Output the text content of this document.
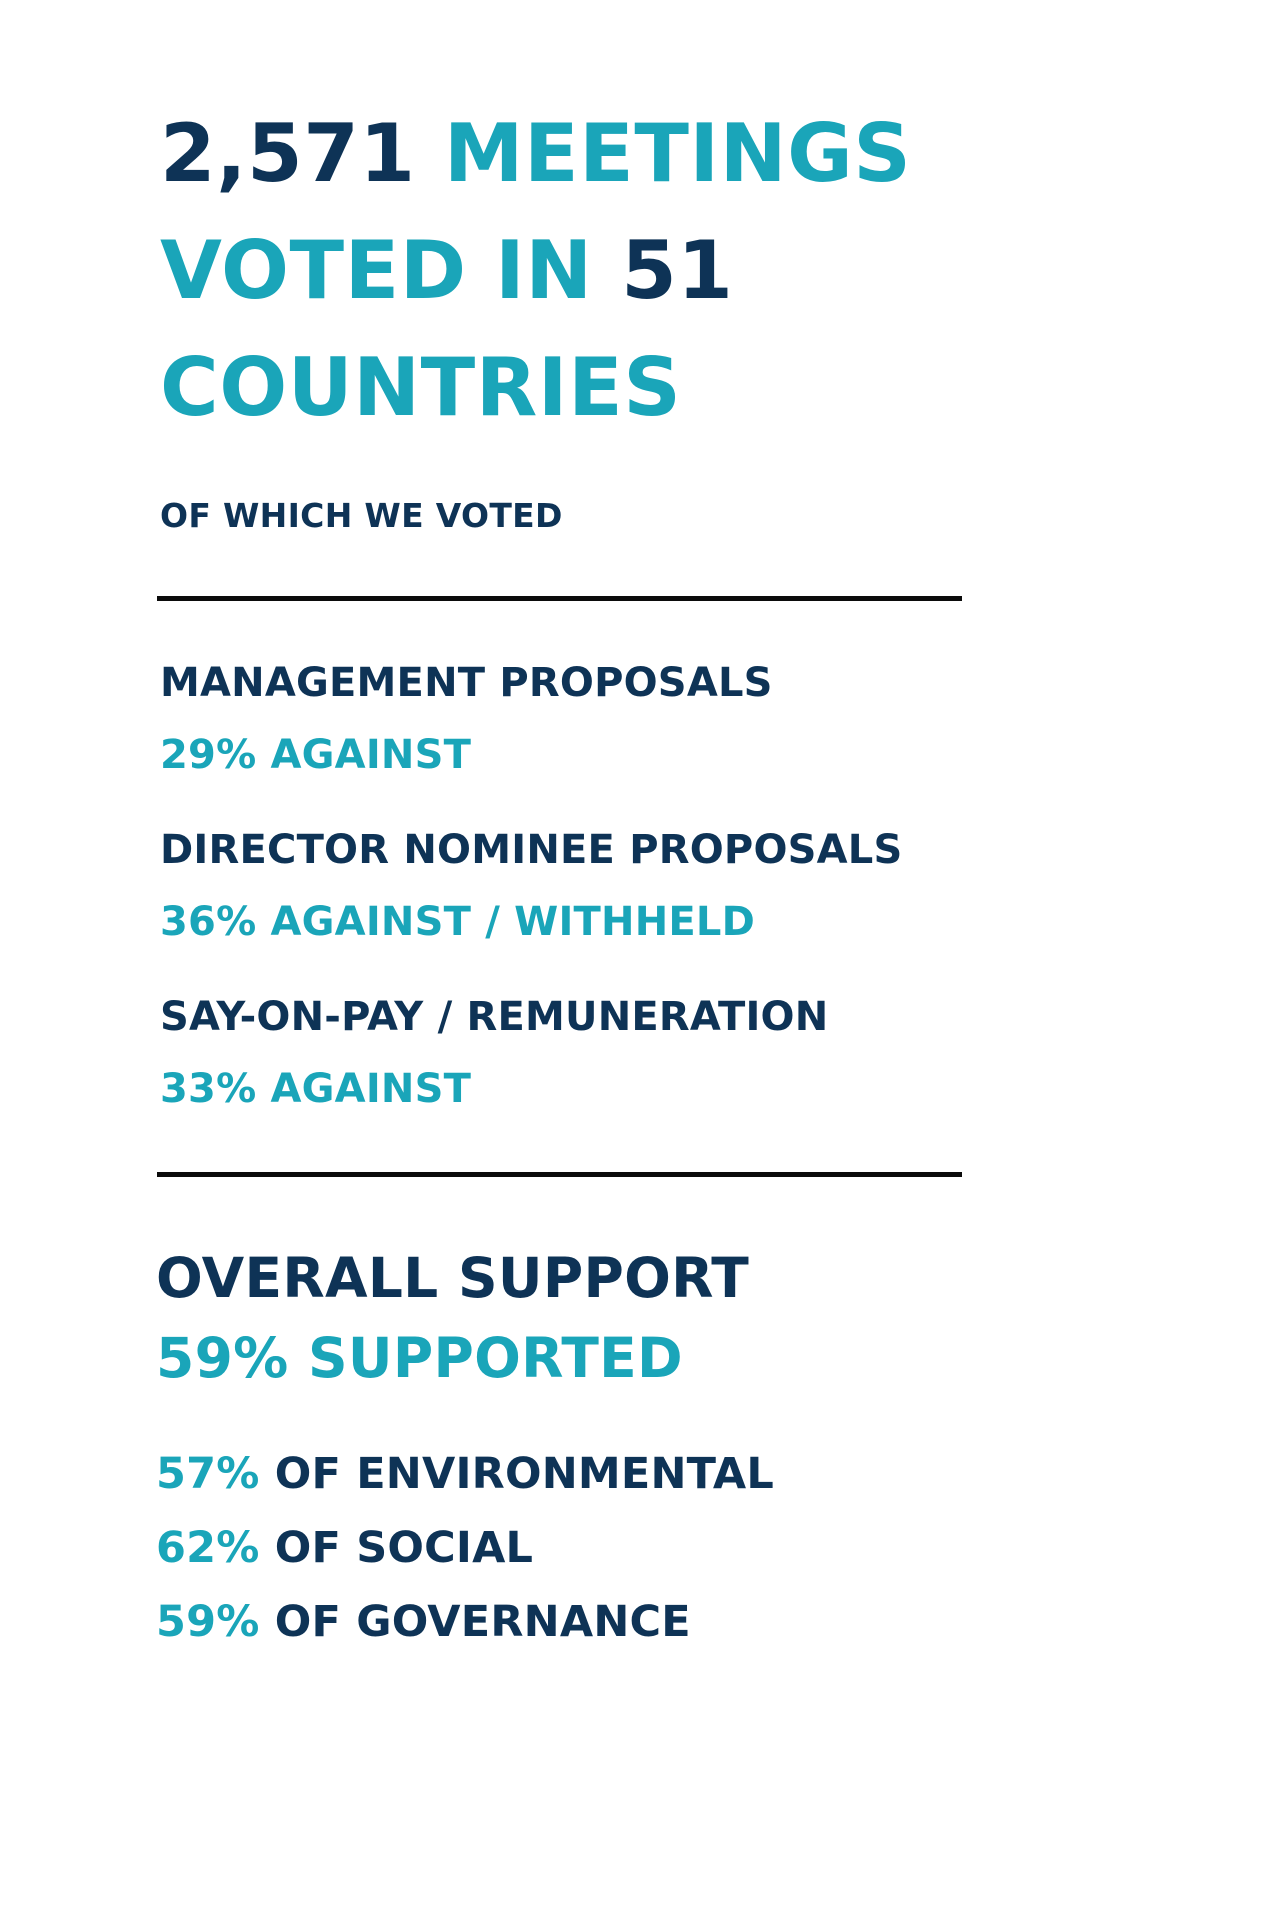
2,571 MEETINGS
VOTED IN 51
COUNTRIES
OF WHICH WE VOTED
MANAGEMENT PROPOSALS
29% AGAINST
DIRECTOR NOMINEE PROPOSALS
36% AGAINST / WITHHELD
SAY-ON-PAY / REMUNERATION
33% AGAINST
OVERALL SUPPORT
59% SUPPORTED
57% OF ENVIRONMENTAL
62% OF SOCIAL
59% OF GOVERNANCE
